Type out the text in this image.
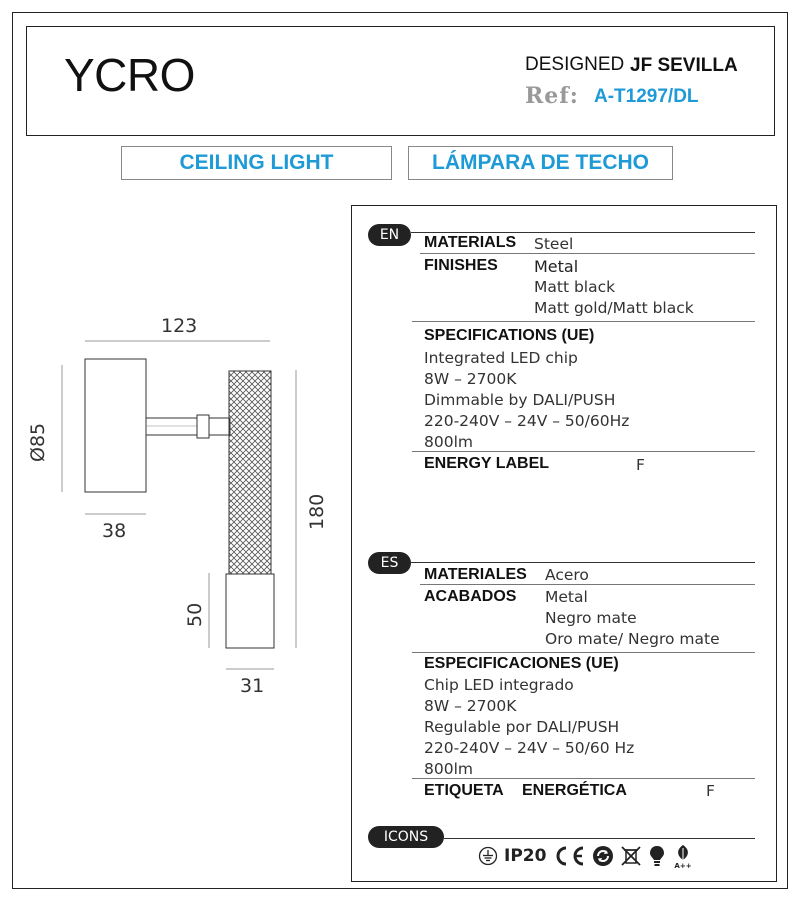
YCRO	DESIGNED JF SEVILLA
Ref: A-T1297/DL
CEILING LIGHT	LÁMPARA DE TECHO
123
Ø85
38
180
50
31
EN	MATERIALS Steel
FINISHES Metal
Matt black
Matt gold/Matt black
SPECIFICATIONS (UE)
Integrated LED chip
8W – 2700K
Dimmable by DALI/PUSH
220-240V – 24V – 50/60Hz
800lm
ENERGY LABEL	F
ES
MATERIALES Acero
ACABADOS Metal
Negro mate
Oro mate/ Negro mate
ESPECIFICACIONES (UE)
Chip LED integrado
8W – 2700K
Regulable por DALI/PUSH
220-240V – 24V – 50/60 Hz
800lm
ETIQUETA ENERGÉTICA	F
ICONS
IP20	A++
